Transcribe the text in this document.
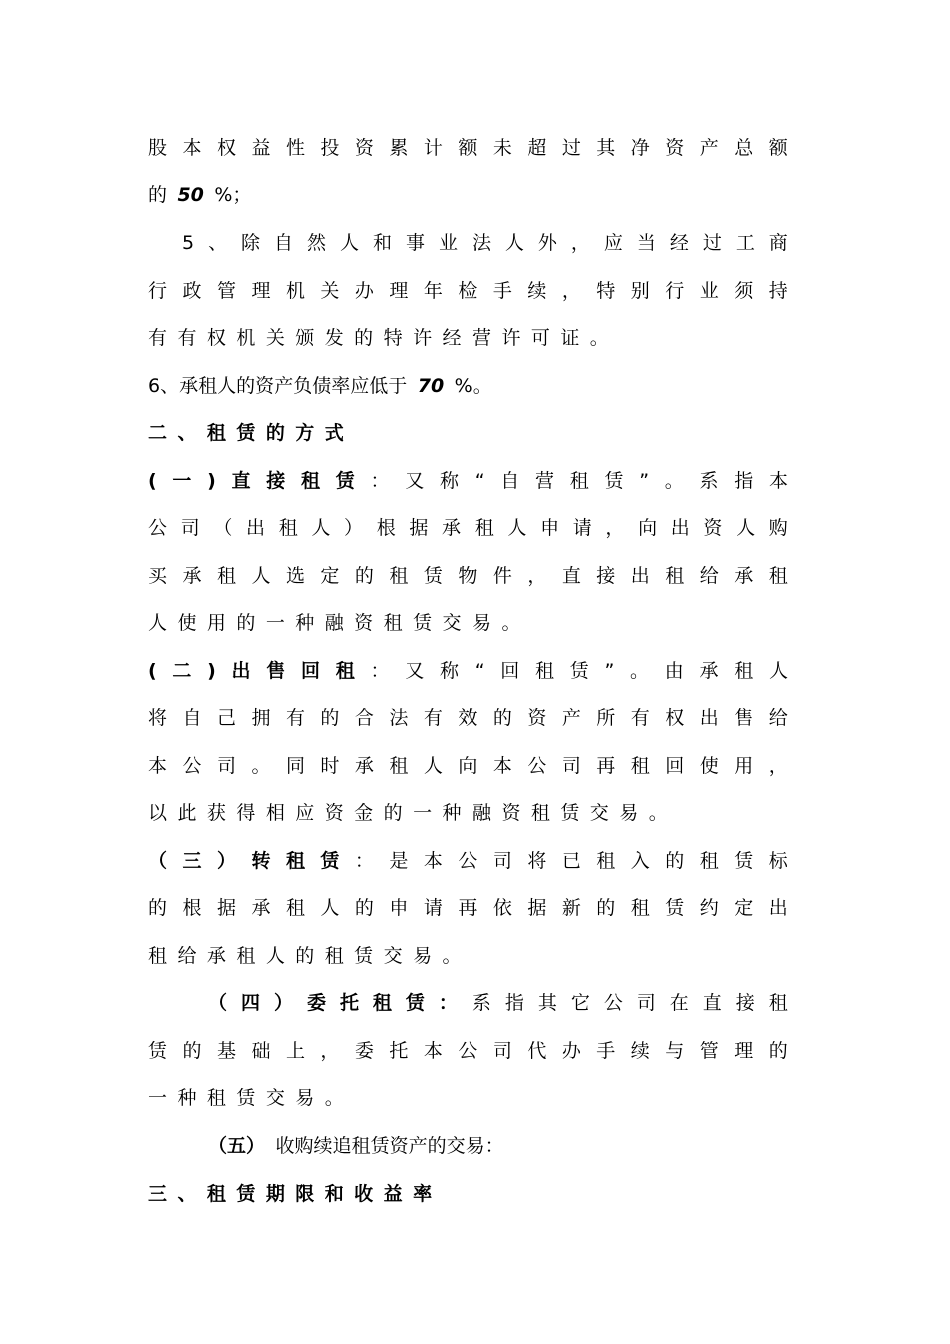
股 本 权 益 性 投 资 累 计 额 未 超 过 其 净 资 产 总 额
的 50 %；
5 、 除 自 然 人 和 事 业 法 人 外 ， 应 当 经 过 工 商
行 政 管 理 机 关 办 理 年 检 手 续 ， 特 别 行 业 须 持
有 有 权 机 关 颁 发 的 特 许 经 营 许 可 证 。
6、承租人的资产负债率应低于 70 %。
二 、 租 赁 的 方 式
( 一 ) 直 接 租 赁 ： 又 称 “ 自 营 租 赁 ” 。 系 指 本
公 司 （ 出 租 人 ） 根 据 承 租 人 申 请 ， 向 出 资 人 购
买 承 租 人 选 定 的 租 赁 物 件 ， 直 接 出 租 给 承 租
人 使 用 的 一 种 融 资 租 赁 交 易 。
( 二 ) 出 售 回 租 ： 又 称 “ 回 租 赁 ” 。 由 承 租 人
将 自 己 拥 有 的 合 法 有 效 的 资 产 所 有 权 出 售 给
本 公 司 。 同 时 承 租 人 向 本 公 司 再 租 回 使 用 ，
以 此 获 得 相 应 资 金 的 一 种 融 资 租 赁 交 易 。
（ 三 ） 转 租 赁 ： 是 本 公 司 将 已 租 入 的 租 赁 标
的 根 据 承 租 人 的 申 请 再 依 据 新 的 租 赁 约 定 出
租 给 承 租 人 的 租 赁 交 易 。
（ 四 ） 委 托 租 赁 ： 系 指 其 它 公 司 在 直 接 租
赁 的 基 础 上 ， 委 托 本 公 司 代 办 手 续 与 管 理 的
一 种 租 赁 交 易 。
（五） 收购续追租赁资产的交易：
三 、 租 赁 期 限 和 收 益 率
